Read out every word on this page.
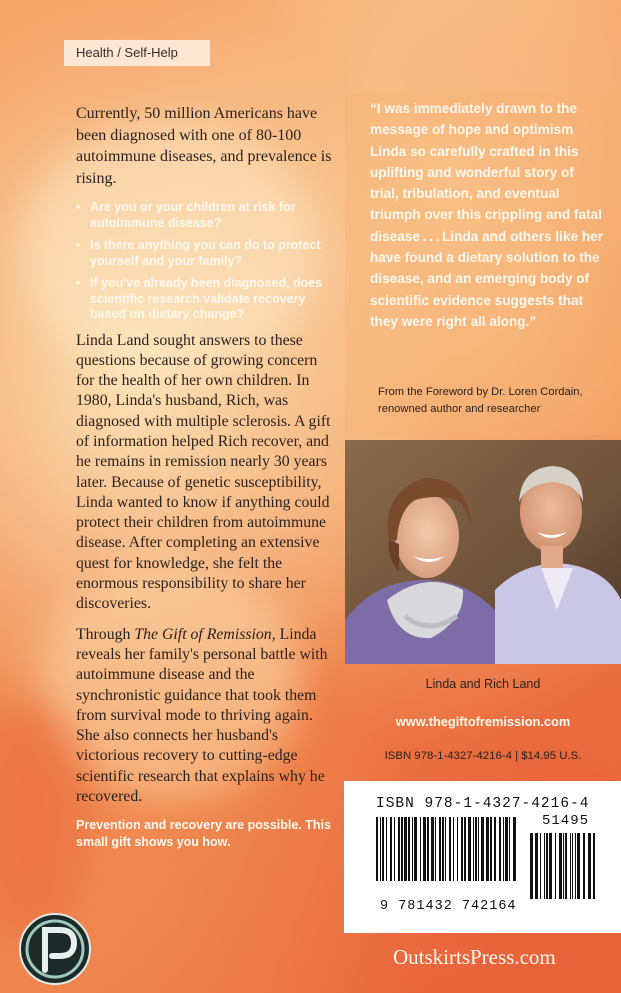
Health / Self-Help

Currently, 50 million Americans have been diagnosed with one of 80-100 autoimmune diseases, and prevalence is rising.

• Are you or your children at risk for autoimmune disease?
• Is there anything you can do to protect yourself and your family?
• If you've already been diagnosed, does scientific research validate recovery based on dietary change?

Linda Land sought answers to these questions because of growing concern for the health of her own children. In 1980, Linda's husband, Rich, was diagnosed with multiple sclerosis. A gift of information helped Rich recover, and he remains in remission nearly 30 years later. Because of genetic susceptibility, Linda wanted to know if anything could protect their children from autoimmune disease. After completing an extensive quest for knowledge, she felt the enormous responsibility to share her discoveries.

Through The Gift of Remission, Linda reveals her family's personal battle with autoimmune disease and the synchronistic guidance that took them from survival mode to thriving again. She also connects her husband's victorious recovery to cutting-edge scientific research that explains why he recovered.

Prevention and recovery are possible. This small gift shows you how.

“I was immediately drawn to the message of hope and optimism Linda so carefully crafted in this uplifting and wonderful story of trial, tribulation, and eventual triumph over this crippling and fatal disease . . . Linda and others like her have found a dietary solution to the disease, and an emerging body of scientific evidence suggests that they were right all along.”

From the Foreword by Dr. Loren Cordain, renowned author and researcher
Linda and Rich Land
www.thegiftofremission.com
ISBN 978-1-4327-4216-4 | $14.95 U.S.
ISBN 978-1-4327-4216-4
51495
9 781432 742164
OutskirtsPress.com
